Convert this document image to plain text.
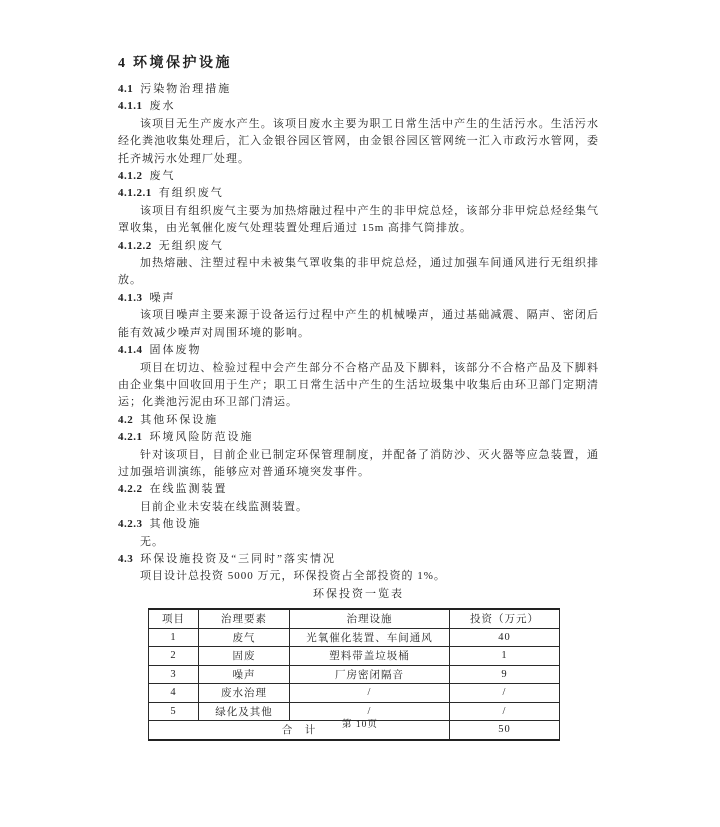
4 环境保护设施
4.1 污染物治理措施
4.1.1 废水

该项目无生产废水产生。该项目废水主要为职工日常生活中产生的生活污水。生活污水经化粪池收集处理后，汇入金银谷园区管网，由金银谷园区管网统一汇入市政污水管网，委托齐城污水处理厂处理。

4.1.2 废气
4.1.2.1 有组织废气

该项目有组织废气主要为加热熔融过程中产生的非甲烷总烃，该部分非甲烷总烃经集气罩收集，由光氧催化废气处理装置处理后通过 15m 高排气筒排放。

4.1.2.2 无组织废气

加热熔融、注塑过程中未被集气罩收集的非甲烷总烃，通过加强车间通风进行无组织排放。

4.1.3 噪声

该项目噪声主要来源于设备运行过程中产生的机械噪声，通过基础减震、隔声、密闭后能有效减少噪声对周围环境的影响。

4.1.4 固体废物

项目在切边、检验过程中会产生部分不合格产品及下脚料，该部分不合格产品及下脚料由企业集中回收回用于生产；职工日常生活中产生的生活垃圾集中收集后由环卫部门定期清运；化粪池污泥由环卫部门清运。

4.2 其他环保设施
4.2.1 环境风险防范设施

针对该项目，目前企业已制定环保管理制度，并配备了消防沙、灭火器等应急装置，通过加强培训演练，能够应对普通环境突发事件。

4.2.2 在线监测装置

目前企业未安装在线监测装置。

4.2.3 其他设施

无。

4.3 环保设施投资及“三同时”落实情况

项目设计总投资 5000 万元，环保投资占全部投资的 1%。

环保投资一览表
项目	治理要素	治理设施	投资（万元）
1	废气	光氧催化装置、车间通风	40
2	固废	塑料带盖垃圾桶	1
3	噪声	厂房密闭隔音	9
4	废水治理	/	/
5	绿化及其他	/	/
合　计			50
第 10页
